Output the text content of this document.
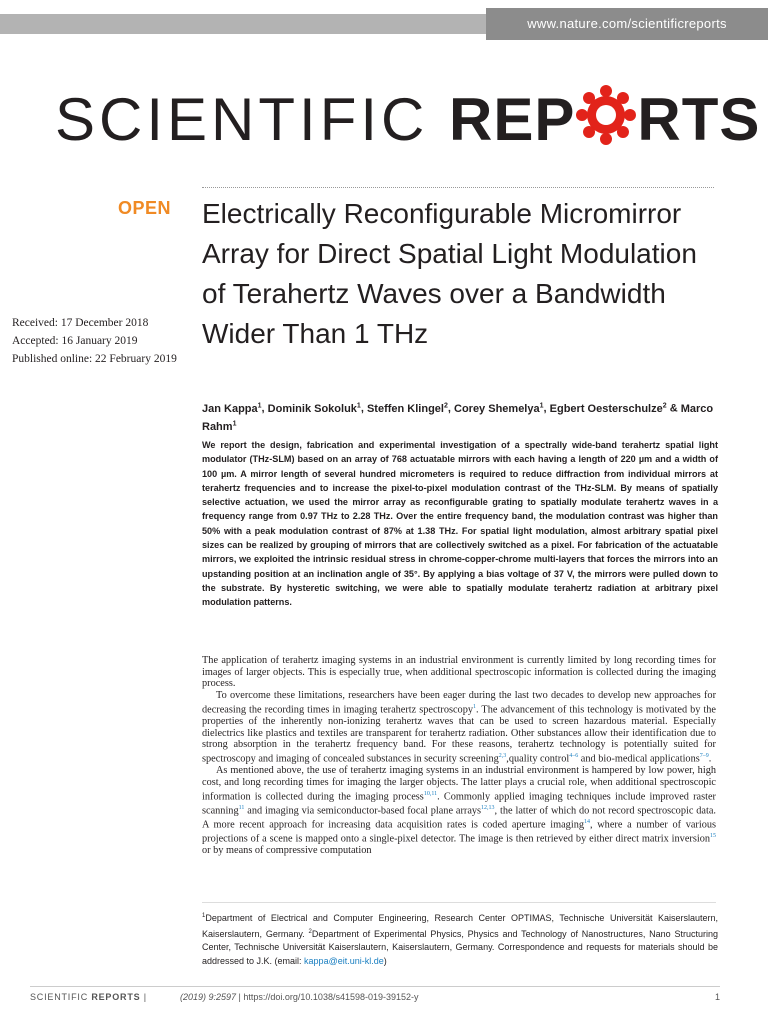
www.nature.com/scientificreports
SCIENTIFIC REP RTS
OPEN	Electrically Reconfigurable Micromirror Array for Direct Spatial Light Modulation of Terahertz Waves over a Bandwidth Wider Than 1 THz
Received: 17 December 2018
Accepted: 16 January 2019
Published online: 22 February 2019
Jan Kappa$^1$, Dominik Sokoluk$^1$, Steffen Klingel$^2$, Corey Shemelya$^1$, Egbert Oesterschulze$^2$ & Marco Rahm$^1$
We report the design, fabrication and experimental investigation of a spectrally wide-band terahertz spatial light modulator (THz-SLM) based on an array of 768 actuatable mirrors with each having a length of 220 µm and a width of 100 µm. A mirror length of several hundred micrometers is required to reduce diffraction from individual mirrors at terahertz frequencies and to increase the pixel-to-pixel modulation contrast of the THz-SLM. By means of spatially selective actuation, we used the mirror array as reconfigurable grating to spatially modulate terahertz waves in a frequency range from 0.97 THz to 2.28 THz. Over the entire frequency band, the modulation contrast was higher than 50% with a peak modulation contrast of 87% at 1.38 THz. For spatial light modulation, almost arbitrary spatial pixel sizes can be realized by grouping of mirrors that are collectively switched as a pixel. For fabrication of the actuatable mirrors, we exploited the intrinsic residual stress in chrome-copper-chrome multi-layers that forces the mirrors into an upstanding position at an inclination angle of 35°. By applying a bias voltage of 37 V, the mirrors were pulled down to the substrate. By hysteretic switching, we were able to spatially modulate terahertz radiation at arbitrary pixel modulation patterns.

The application of terahertz imaging systems in an industrial environment is currently limited by long recording times for images of larger objects. This is especially true, when additional spectroscopic information is collected during the imaging process.

To overcome these limitations, researchers have been eager during the last two decades to develop new approaches for decreasing the recording times in imaging terahertz spectroscopy$^1$. The advancement of this technology is motivated by the properties of the inherently non-ionizing terahertz waves that can be used to screen hazardous material. Especially dielectrics like plastics and textiles are transparent for terahertz radiation. Other substances allow their identification due to strong absorption in the terahertz frequency band. For these reasons, terahertz technology is potentially suited for spectroscopy and imaging of concealed substances in security screening$^{2,3}$,quality control$^{4-6}$ and bio-medical applications$^{7-9}$.

As mentioned above, the use of terahertz imaging systems in an industrial environment is hampered by low power, high cost, and long recording times for imaging the larger objects. The latter plays a crucial role, when additional spectroscopic information is collected during the imaging process$^{10,11}$. Commonly applied imaging techniques include improved raster scanning$^{11}$ and imaging via semiconductor-based focal plane arrays$^{12,13}$, the latter of which do not record spectroscopic data. A more recent approach for increasing data acquisition rates is coded aperture imaging$^{14}$, where a number of various projections of a scene is mapped onto a single-pixel detector. The image is then retrieved by either direct matrix inversion$^{15}$ or by means of compressive computation

$^1$Department of Electrical and Computer Engineering, Research Center OPTIMAS, Technische Universität Kaiserslautern, Kaiserslautern, Germany. $^2$Department of Experimental Physics, Physics and Technology of Nanostructures, Nano Structuring Center, Technische Universität Kaiserslautern, Kaiserslautern, Germany. Correspondence and requests for materials should be addressed to J.K. (email: kappa@eit.uni-kl.de)
SCIENTIFIC REPORTS |	(2019) 9:2597 | https://doi.org/10.1038/s41598-019-39152-y	1
